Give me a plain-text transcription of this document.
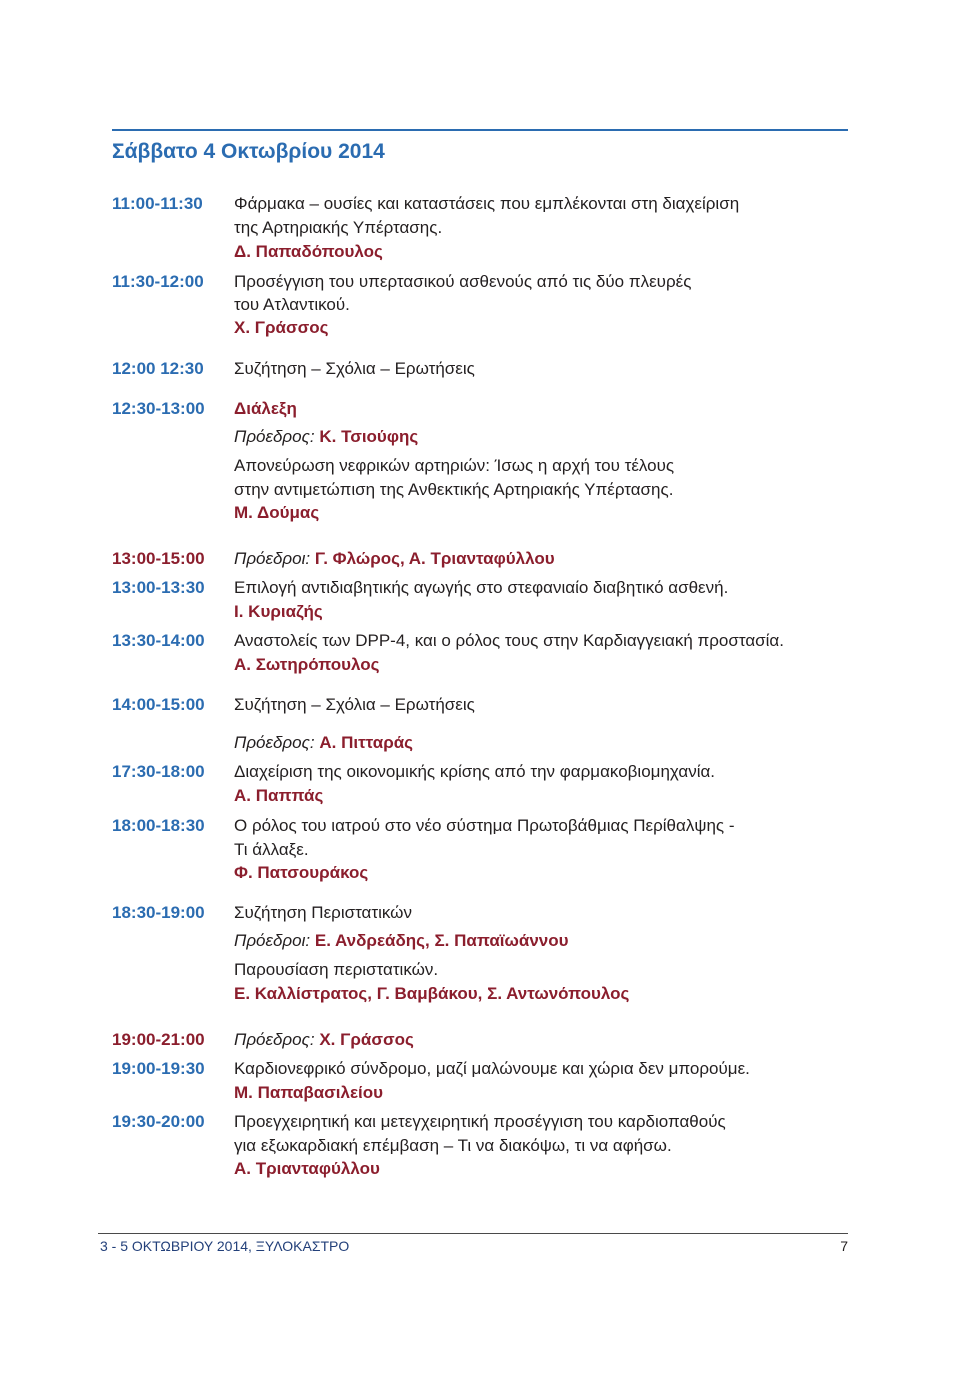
Σάββατο 4 Οκτωβρίου 2014
11:00-11:30 Φάρμακα – ουσίες και καταστάσεις που εμπλέκονται στη διαχείριση
της Αρτηριακής Υπέρτασης.
Δ. Παπαδόπουλος
11:30-12:00 Προσέγγιση του υπερτασικού ασθενούς από τις δύο πλευρές
του Ατλαντικού.
Χ. Γράσσος
12:00 12:30 Συζήτηση – Σχόλια – Ερωτήσεις
12:30-13:00 Διάλεξη
Πρόεδρος: Κ. Τσιούφης
Απονεύρωση νεφρικών αρτηριών: Ίσως η αρχή του τέλους
στην αντιμετώπιση της Ανθεκτικής Αρτηριακής Υπέρτασης.
Μ. Δούμας
13:00-15:00 Πρόεδροι: Γ. Φλώρος, Α. Τριανταφύλλου
13:00-13:30 Επιλογή αντιδιαβητικής αγωγής στο στεφανιαίο διαβητικό ασθενή.
Ι. Κυριαζής
13:30-14:00 Αναστολείς των DPP-4, και ο ρόλος τους στην Καρδιαγγειακή προστασία.
Α. Σωτηρόπουλος
14:00-15:00 Συζήτηση – Σχόλια – Ερωτήσεις
Πρόεδρος: Α. Πιτταράς
17:30-18:00 Διαχείριση της οικονομικής κρίσης από την φαρμακοβιομηχανία.
Α. Παππάς
18:00-18:30 Ο ρόλος του ιατρού στο νέο σύστημα Πρωτοβάθμιας Περίθαλψης -
Τι άλλαξε.
Φ. Πατσουράκος
18:30-19:00 Συζήτηση Περιστατικών
Πρόεδροι: Ε. Ανδρεάδης, Σ. Παπαϊωάννου
Παρουσίαση περιστατικών.
Ε. Καλλίστρατος, Γ. Βαμβάκου, Σ. Αντωνόπουλος
19:00-21:00 Πρόεδρος: Χ. Γράσσος
19:00-19:30 Καρδιονεφρικό σύνδρομο, μαζί μαλώνουμε και χώρια δεν μπορούμε.
Μ. Παπαβασιλείου
19:30-20:00 Προεγχειρητική και μετεγχειρητική προσέγγιση του καρδιοπαθούς
για εξωκαρδιακή επέμβαση – Τι να διακόψω, τι να αφήσω.
Α. Τριανταφύλλου
3 - 5 ΟΚΤΩΒΡΙΟΥ 2014, ΞΥΛΟΚΑΣΤΡΟ	7
